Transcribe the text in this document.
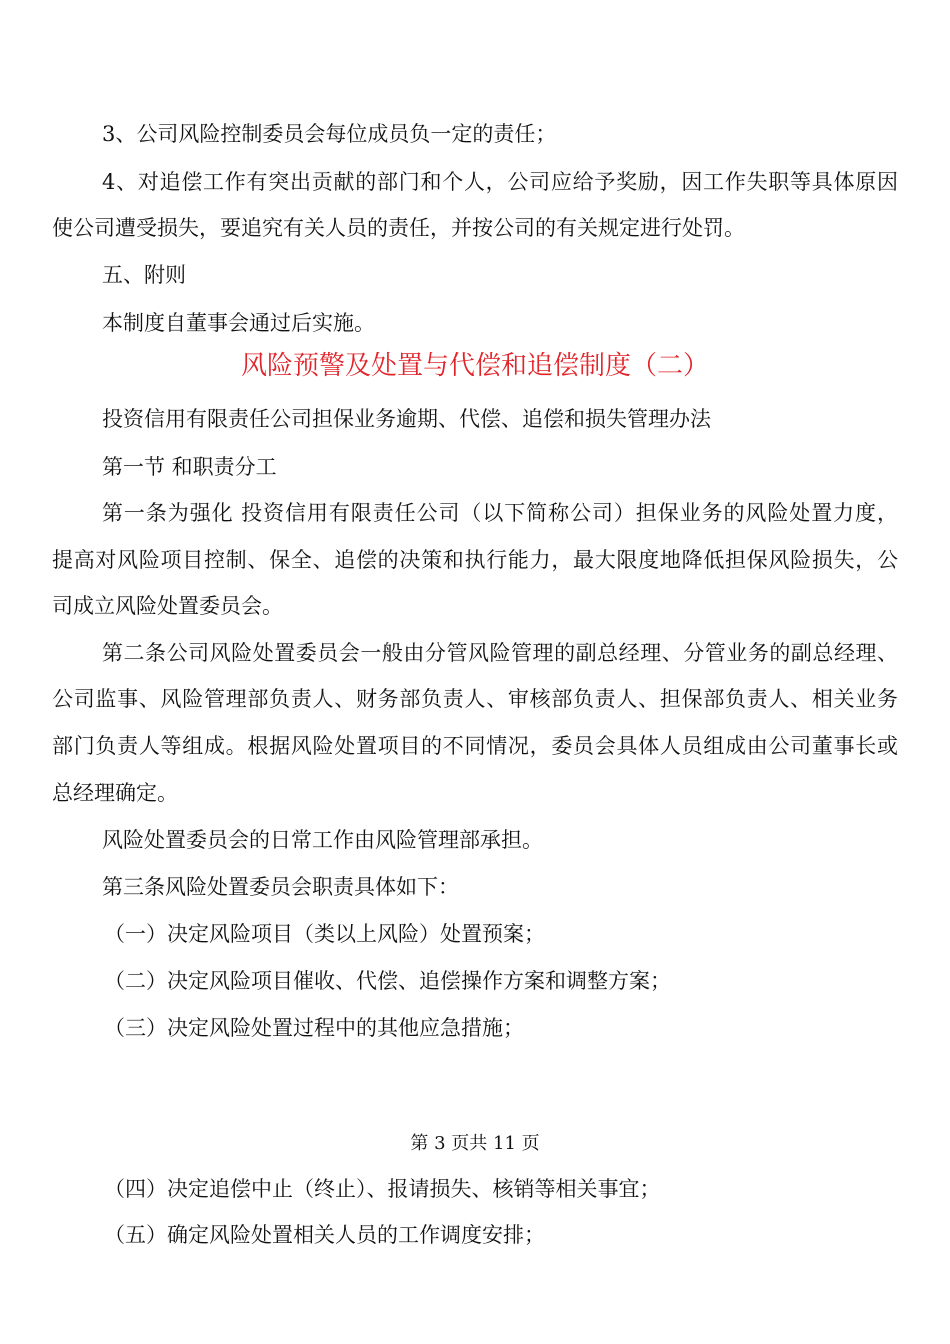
3、公司风险控制委员会每位成员负一定的责任；
4、对追偿工作有突出贡献的部门和个人，公司应给予奖励，因工作失职等具体原因
使公司遭受损失，要追究有关人员的责任，并按公司的有关规定进行处罚。
五、附则
本制度自董事会通过后实施。
风险预警及处置与代偿和追偿制度（二）
投资信用有限责任公司担保业务逾期、代偿、追偿和损失管理办法
第一节 和职责分工
第一条为强化 投资信用有限责任公司（以下简称公司）担保业务的风险处置力度，
提高对风险项目控制、保全、追偿的决策和执行能力，最大限度地降低担保风险损失，公
司成立风险处置委员会。
第二条公司风险处置委员会一般由分管风险管理的副总经理、分管业务的副总经理、
公司监事、风险管理部负责人、财务部负责人、审核部负责人、担保部负责人、相关业务
部门负责人等组成。根据风险处置项目的不同情况，委员会具体人员组成由公司董事长或
总经理确定。
风险处置委员会的日常工作由风险管理部承担。
第三条风险处置委员会职责具体如下：
（一）决定风险项目（类以上风险）处置预案；
（二）决定风险项目催收、代偿、追偿操作方案和调整方案；
（三）决定风险处置过程中的其他应急措施；
第 3 页共 11 页
（四）决定追偿中止（终止）、报请损失、核销等相关事宜；
（五）确定风险处置相关人员的工作调度安排；
